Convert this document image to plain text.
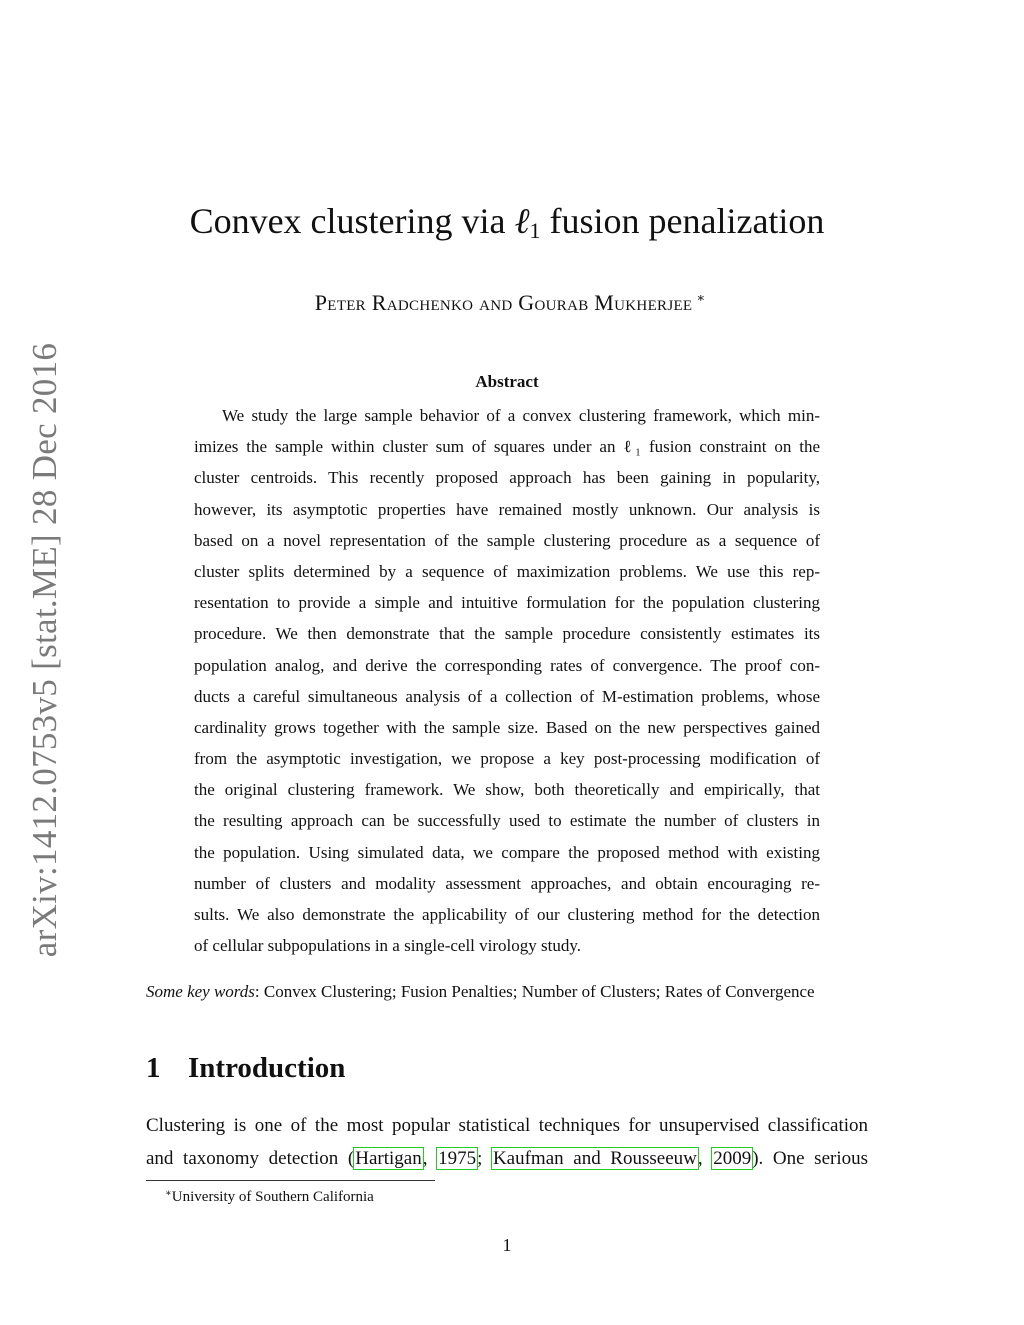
arXiv:1412.0753v5 [stat.ME] 28 Dec 2016
Convex clustering via ℓ$_1$ fusion penalization
Peter Radchenko and Gourab Mukherjee ∗
Abstract
We study the large sample behavior of a convex clustering framework, which min-
imizes the sample within cluster sum of squares under an ℓ₁ fusion constraint on the
cluster centroids. This recently proposed approach has been gaining in popularity,
however, its asymptotic properties have remained mostly unknown. Our analysis is
based on a novel representation of the sample clustering procedure as a sequence of
cluster splits determined by a sequence of maximization problems. We use this rep-
resentation to provide a simple and intuitive formulation for the population clustering
procedure. We then demonstrate that the sample procedure consistently estimates its
population analog, and derive the corresponding rates of convergence. The proof con-
ducts a careful simultaneous analysis of a collection of M-estimation problems, whose
cardinality grows together with the sample size. Based on the new perspectives gained
from the asymptotic investigation, we propose a key post-processing modification of
the original clustering framework. We show, both theoretically and empirically, that
the resulting approach can be successfully used to estimate the number of clusters in
the population. Using simulated data, we compare the proposed method with existing
number of clusters and modality assessment approaches, and obtain encouraging re-
sults. We also demonstrate the applicability of our clustering method for the detection
of cellular subpopulations in a single-cell virology study.
Some key words: Convex Clustering; Fusion Penalties; Number of Clusters; Rates of Convergence
1 Introduction
Clustering is one of the most popular statistical techniques for unsupervised classification
and taxonomy detection (Hartigan, 1975; Kaufman and Rousseeuw, 2009). One serious
∗University of Southern California
1
